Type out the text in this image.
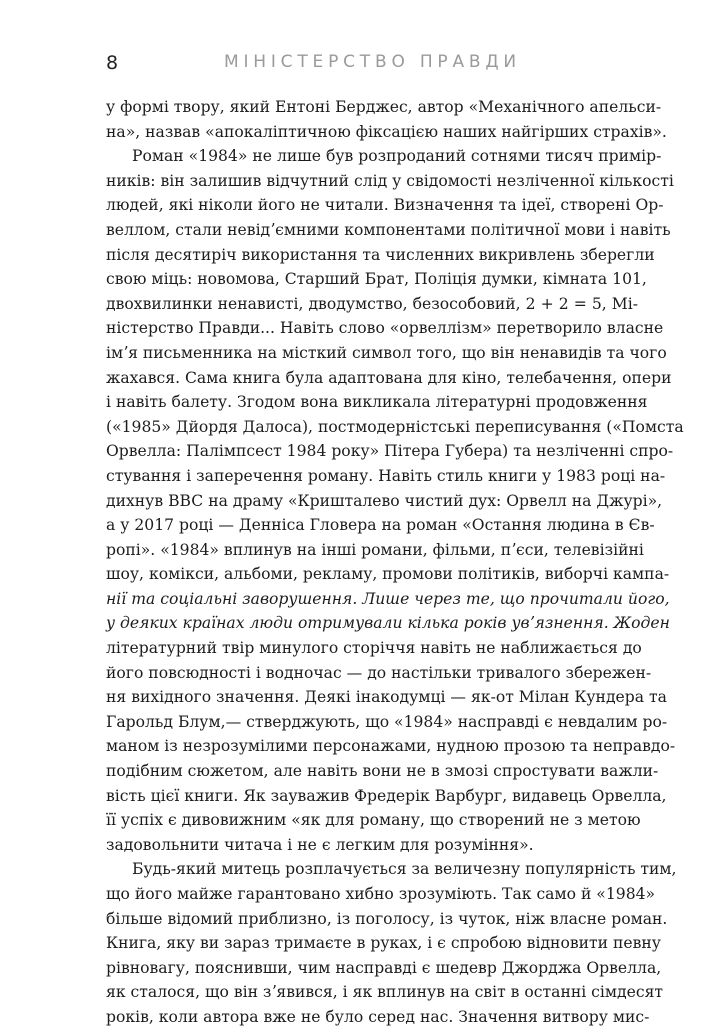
8	МІНІСТЕРСТВО ПРАВДИ
у формі твору, який Ентоні Берджес, автор «Механічного апельси-
на», назвав «апокаліптичною фіксацією наших найгірших страхів».
Роман «1984» не лише був розпроданий сотнями тисяч примір-
ників: він залишив відчутний слід у свідомості незліченної кількості
людей, які ніколи його не читали. Визначення та ідеї, створені Ор-
веллом, стали невідʼємними компонентами політичної мови і навіть
після десятиріч використання та численних викривлень зберегли
свою міць: новомова, Старший Брат, Поліція думки, кімната 101,
двохвилинки ненависті, дводумство, безособовий, 2 + 2 = 5, Мі-
ністерство Правди... Навіть слово «орвеллізм» перетворило власне
імʼя письменника на місткий символ того, що він ненавидів та чого
жахався. Сама книга була адаптована для кіно, телебачення, опери
і навіть балету. Згодом вона викликала літературні продовження
(«1985» Дйордя Далоса), постмодерністські переписування («Помста
Орвелла: Палімпсест 1984 року» Пітера Губера) та незліченні спро-
стування і заперечення роману. Навіть стиль книги у 1983 році на-
дихнув BBC на драму «Кришталево чистий дух: Орвелл на Джурі»,
а у 2017 році — Денніса Гловера на роман «Остання людина в Єв-
ропі». «1984» вплинув на інші романи, фільми, пʼєси, телевізійні
шоу, комікси, альбоми, рекламу, промови політиків, виборчі кампа-
нії та соціальні заворушення. Лише через те, що прочитали його,
у деяких країнах люди отримували кілька років увʼязнення. Жоден
літературний твір минулого сторіччя навіть не наближається до
його повсюдності і водночас — до настільки тривалого збережен-
ня вихідного значення. Деякі інакодумці — як-от Мілан Кундера та
Гарольд Блум,— стверджують, що «1984» насправді є невдалим ро-
маном із незрозумілими персонажами, нудною прозою та неправдо-
подібним сюжетом, але навіть вони не в змозі спростувати важли-
вість цієї книги. Як зауважив Фредерік Варбург, видавець Орвелла,
її успіх є дивовижним «як для роману, що створений не з метою
задовольнити читача і не є легким для розуміння».
Будь-який митець розплачується за величезну популярність тим,
що його майже гарантовано хибно зрозуміють. Так само й «1984»
більше відомий приблизно, із поголосу, із чуток, ніж власне роман.
Книга, яку ви зараз тримаєте в руках, і є спробою відновити певну
рівновагу, пояснивши, чим насправді є шедевр Джорджа Орвелла,
як сталося, що він зʼявився, і як вплинув на світ в останні сімдесят
років, коли автора вже не було серед нас. Значення витвору мис-
